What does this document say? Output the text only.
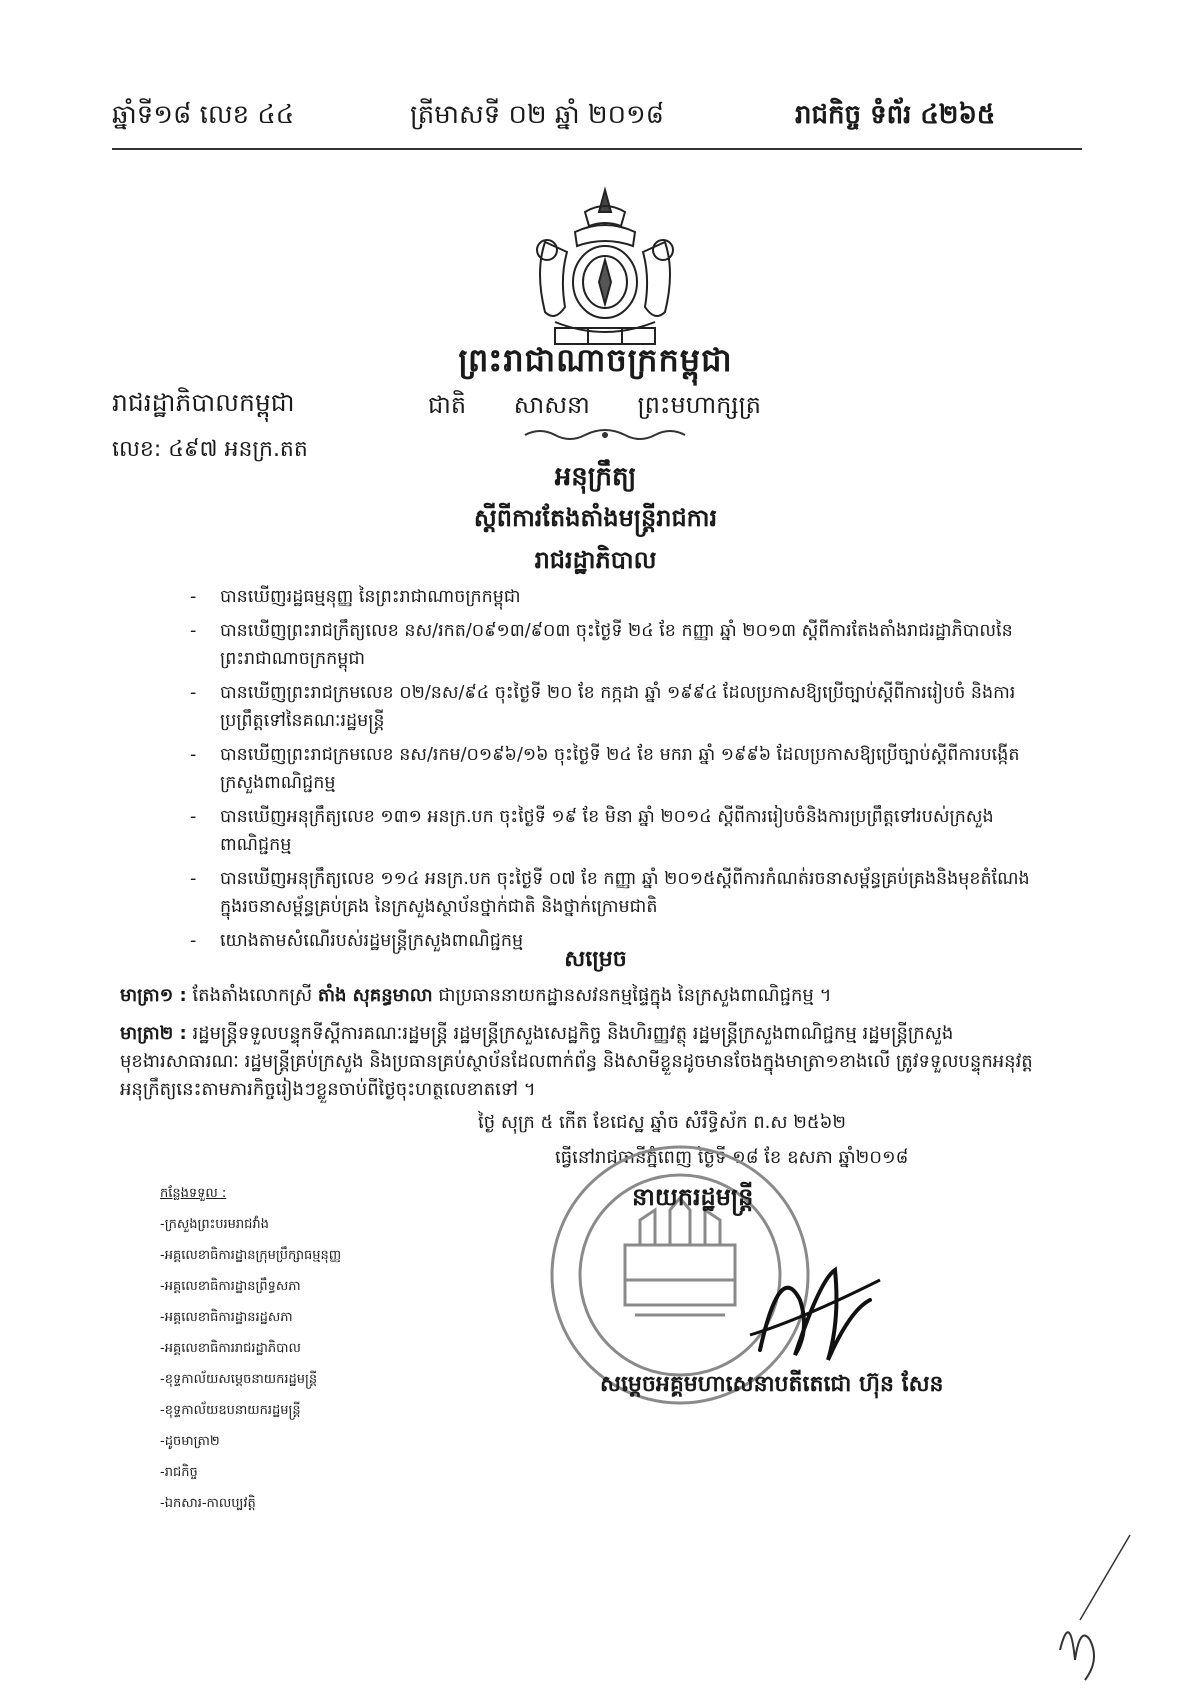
ឆ្នាំទី១៨ លេខ ៤៤	ត្រីមាសទី ០២ ឆ្នាំ ២០១៨	រាជកិច្ច ទំព័រ ៤២៦៥
ព្រះរាជាណាចក្រកម្ពុជា
រាជរដ្ឋាភិបាលកម្ពុជា	ជាតិ សាសនា ព្រះមហាក្សត្រ
លេខ: ៤៩៧ អនក្រ.តត
អនុក្រឹត្យ
ស្ដីពីការតែងតាំងមន្ត្រីរាជការ
រាជរដ្ឋាភិបាល
- បានឃើញរដ្ឋធម្មនុញ្ញ នៃព្រះរាជាណាចក្រកម្ពុជា
- បានឃើញព្រះរាជក្រឹត្យលេខ នស/រកត/០៩១៣/៩០៣ ចុះថ្ងៃទី ២៤ ខែ កញ្ញា ឆ្នាំ ២០១៣ ស្ដីពីការតែងតាំងរាជរដ្ឋាភិបាលនៃព្រះរាជាណាចក្រកម្ពុជា
- បានឃើញព្រះរាជក្រមលេខ ០២/នស/៩៤ ចុះថ្ងៃទី ២០ ខែ កក្កដា ឆ្នាំ ១៩៩៤ ដែលប្រកាសឱ្យប្រើច្បាប់ស្ដីពីការរៀបចំ និងការប្រព្រឹត្តទៅនៃគណៈរដ្ឋមន្ត្រី
- បានឃើញព្រះរាជក្រមលេខ នស/រកម/០១៩៦/១៦ ចុះថ្ងៃទី ២៤ ខែ មករា ឆ្នាំ ១៩៩៦ ដែលប្រកាសឱ្យប្រើច្បាប់ស្ដីពីការបង្កើតក្រសួងពាណិជ្ជកម្ម
- បានឃើញអនុក្រឹត្យលេខ ១៣១ អនក្រ.បក ចុះថ្ងៃទី ១៩ ខែ មិនា ឆ្នាំ ២០១៤ ស្ដីពីការរៀបចំនិងការប្រព្រឹត្តទៅរបស់ក្រសួងពាណិជ្ជកម្ម
- បានឃើញអនុក្រឹត្យលេខ ១១៤ អនក្រ.បក ចុះថ្ងៃទី ០៧ ខែ កញ្ញា ឆ្នាំ ២០១៥ស្ដីពីការកំណត់រចនាសម្ព័ន្ធគ្រប់គ្រងនិងមុខតំណែងក្នុងរចនាសម្ព័ន្ធគ្រប់គ្រង នៃក្រសួងស្ថាប័នថ្នាក់ជាតិ និងថ្នាក់ក្រោមជាតិ
- យោងតាមសំណើរបស់រដ្ឋមន្ត្រីក្រសួងពាណិជ្ជកម្ម
សម្រេច
មាត្រា១ : តែងតាំងលោកស្រី តាំង សុគន្ធមាលា ជាប្រធាននាយកដ្ឋានសវនកម្មផ្ទៃក្នុង នៃក្រសួងពាណិជ្ជកម្ម ។
មាត្រា២ : រដ្ឋមន្ត្រីទទួលបន្ទុកទីស្ដីការគណៈរដ្ឋមន្ត្រី រដ្ឋមន្ត្រីក្រសួងសេដ្ឋកិច្ច និងហិរញ្ញវត្ថុ រដ្ឋមន្ត្រីក្រសួងពាណិជ្ជកម្ម រដ្ឋមន្ត្រីក្រសួងមុខងារសាធារណៈ រដ្ឋមន្ត្រីគ្រប់ក្រសួង និងប្រធានគ្រប់ស្ថាប័នដែលពាក់ព័ន្ធ និងសាមីខ្លួនដូចមានចែងក្នុងមាត្រា១ខាងលើ ត្រូវទទួលបន្ទុកអនុវត្តអនុក្រឹត្យនេះតាមភារកិច្ចរៀងៗខ្លួនចាប់ពីថ្ងៃចុះហត្ថលេខាតទៅ ។
ថ្ងៃ សុក្រ ៥ កើត ខែជេស្ឋ ឆ្នាំច សំរឹទ្ធិស័ក ព.ស ២៥៦២
ធ្វើនៅរាជធានីភ្នំពេញ ថ្ងៃទី ១៨ ខែ ឧសភា ឆ្នាំ២០១៨
នាយករដ្ឋមន្ត្រី
សម្ដេចអគ្គមហាសេនាបតីតេជោ ហ៊ុន សែន
កន្លែងទទួល :
-ក្រសួងព្រះបរមរាជវាំង
-អគ្គលេខាធិការដ្ឋានក្រុមប្រឹក្សាធម្មនុញ្ញ
-អគ្គលេខាធិការដ្ឋានព្រឹទ្ធសភា
-អគ្គលេខាធិការដ្ឋានរដ្ឋសភា
-អគ្គលេខាធិការរាជរដ្ឋាភិបាល
-ខុទ្ទកាល័យសម្ដេចនាយករដ្ឋមន្ត្រី
-ខុទ្ទកាល័យឧបនាយករដ្ឋមន្ត្រី
-ដូចមាត្រា២
-រាជកិច្ច
-ឯកសារ-កាលប្បវត្តិ
